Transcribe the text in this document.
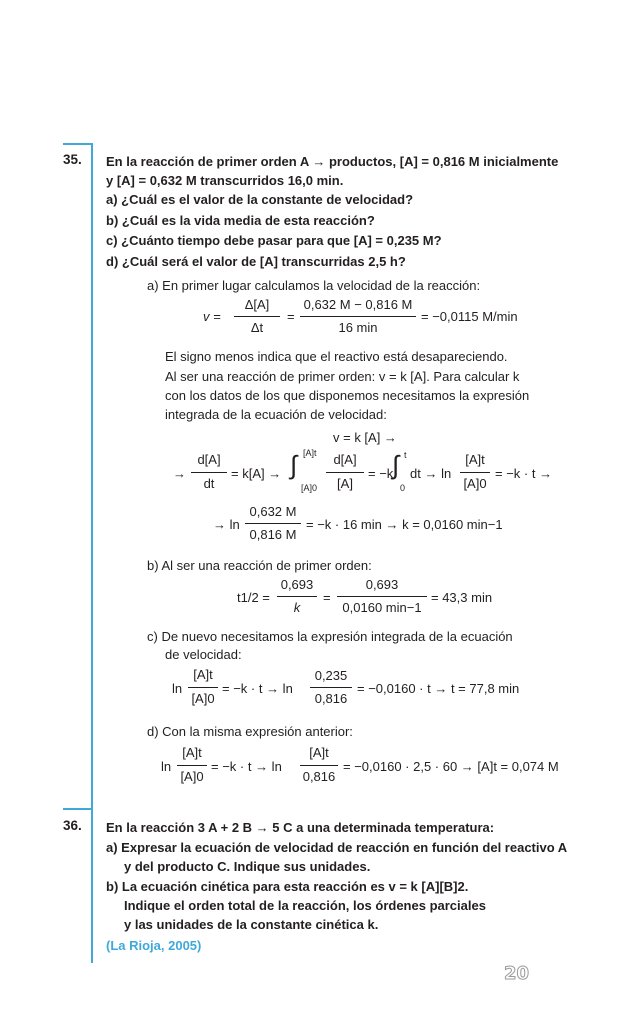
35. En la reacción de primer orden A → productos, [A] = 0,816 M inicialmente
y [A] = 0,632 M transcurridos 16,0 min.
a) ¿Cuál es el valor de la constante de velocidad?
b) ¿Cuál es la vida media de esta reacción?
c) ¿Cuánto tiempo debe pasar para que [A] = 0,235 M?
d) ¿Cuál será el valor de [A] transcurridas 2,5 h?
a) En primer lugar calculamos la velocidad de la reacción:
v =
Δ[A]
Δt
=
0,632 M − 0,816 M
16 min
= −0,0115 M/min
El signo menos indica que el reactivo está desapareciendo.
Al ser una reacción de primer orden: v = k [A]. Para calcular k
con los datos de los que disponemos necesitamos la expresión
integrada de la ecuación de velocidad:
v = k [A] →
→
d[A]
dt
= k[A] → ∫ [A]t
[A]0
d[A]
[A]
= −k
∫ t
0
dt → ln
[A]t
[A]0
= −k · t →
→ ln
0,632 M
0,816 M
= −k · 16 min → k = 0,0160 min−1
b) Al ser una reacción de primer orden:
t1/2 =
0,693
k
=
0,693
0,0160 min−1
= 43,3 min
c) De nuevo necesitamos la expresión integrada de la ecuación
de velocidad:
ln
[A]t
[A]0
= −k · t → ln
0,235
0,816
= −0,0160 · t → t = 77,8 min
d) Con la misma expresión anterior:
ln
[A]t
[A]0
= −k · t → ln
[A]t
0,816
= −0,0160 · 2,5 · 60 → [A]t = 0,074 M
36. En la reacción 3 A + 2 B → 5 C a una determinada temperatura:
a) Expresar la ecuación de velocidad de reacción en función del reactivo A
y del producto C. Indique sus unidades.
b) La ecuación cinética para esta reacción es v = k [A][B]2.
Indique el orden total de la reacción, los órdenes parciales
y las unidades de la constante cinética k.
(La Rioja, 2005)
20
